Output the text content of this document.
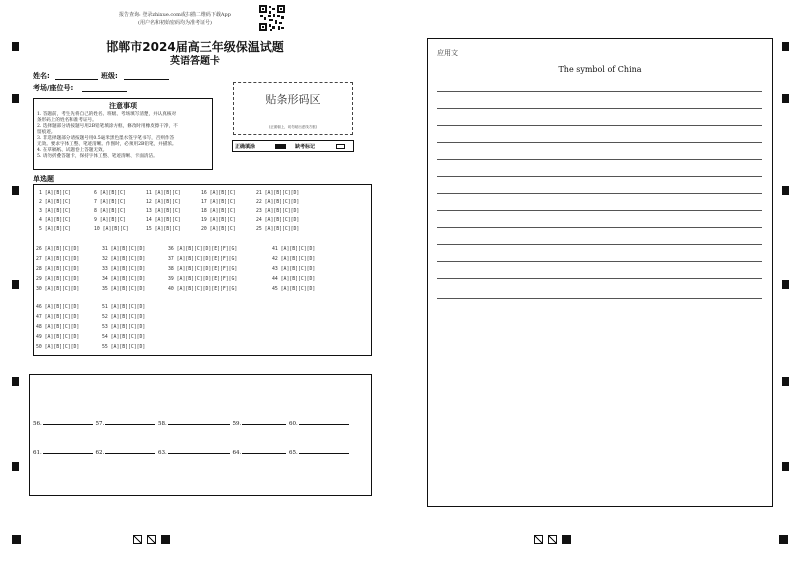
报告查询: 登录zhixue.com或扫描二维码下载App
(用户名和初始密码均为准考证号)
邯郸市2024届高三年级保温试题
英语答题卡
姓名:	班级:
考场/座位号:
注意事项
1. 答题前，考生先将自己的姓名、班级、考场填写清楚，并认真核对
条形码上的姓名和准考证号。
2. 选择题部分请按题号用2B铅笔填涂方框，修改时用橡皮擦干净，不
留痕迹。
3. 非选择题部分请按题号用0.5毫米黑色墨水签字笔书写，否则作答
无效。要求字体工整、笔迹清晰。作图时，必须用2B铅笔，并描浓。
4. 在草稿纸、试题卷上答题无效。
5. 请勿折叠答题卡，保持字体工整、笔迹清晰、卡面清洁。
贴条形码区
(正面朝上，切勿贴出虚线方框)
正确填涂	缺考标记
单选题
1 [A][B][C]	6 [A][B][C]	11 [A][B][C]	16 [A][B][C]	21 [A][B][C][D]
2 [A][B][C]	7 [A][B][C]	12 [A][B][C]	17 [A][B][C]	22 [A][B][C][D]
3 [A][B][C]	8 [A][B][C]	13 [A][B][C]	18 [A][B][C]	23 [A][B][C][D]
4 [A][B][C]	9 [A][B][C]	14 [A][B][C]	19 [A][B][C]	24 [A][B][C][D]
5 [A][B][C]	10 [A][B][C]	15 [A][B][C]	20 [A][B][C]	25 [A][B][C][D]
26 [A][B][C][D]	31 [A][B][C][D]	36 [A][B][C][D][E][F][G]	41 [A][B][C][D]
27 [A][B][C][D]	32 [A][B][C][D]	37 [A][B][C][D][E][F][G]	42 [A][B][C][D]
28 [A][B][C][D]	33 [A][B][C][D]	38 [A][B][C][D][E][F][G]	43 [A][B][C][D]
29 [A][B][C][D]	34 [A][B][C][D]	39 [A][B][C][D][E][F][G]	44 [A][B][C][D]
30 [A][B][C][D]	35 [A][B][C][D]	40 [A][B][C][D][E][F][G]	45 [A][B][C][D]
46 [A][B][C][D]	51 [A][B][C][D]
47 [A][B][C][D]	52 [A][B][C][D]
48 [A][B][C][D]	53 [A][B][C][D]
49 [A][B][C][D]	54 [A][B][C][D]
50 [A][B][C][D]	55 [A][B][C][D]
56.	57.	58.	59.	60.
61.	62.	63.	64.	65.
应用文
The symbol of China
